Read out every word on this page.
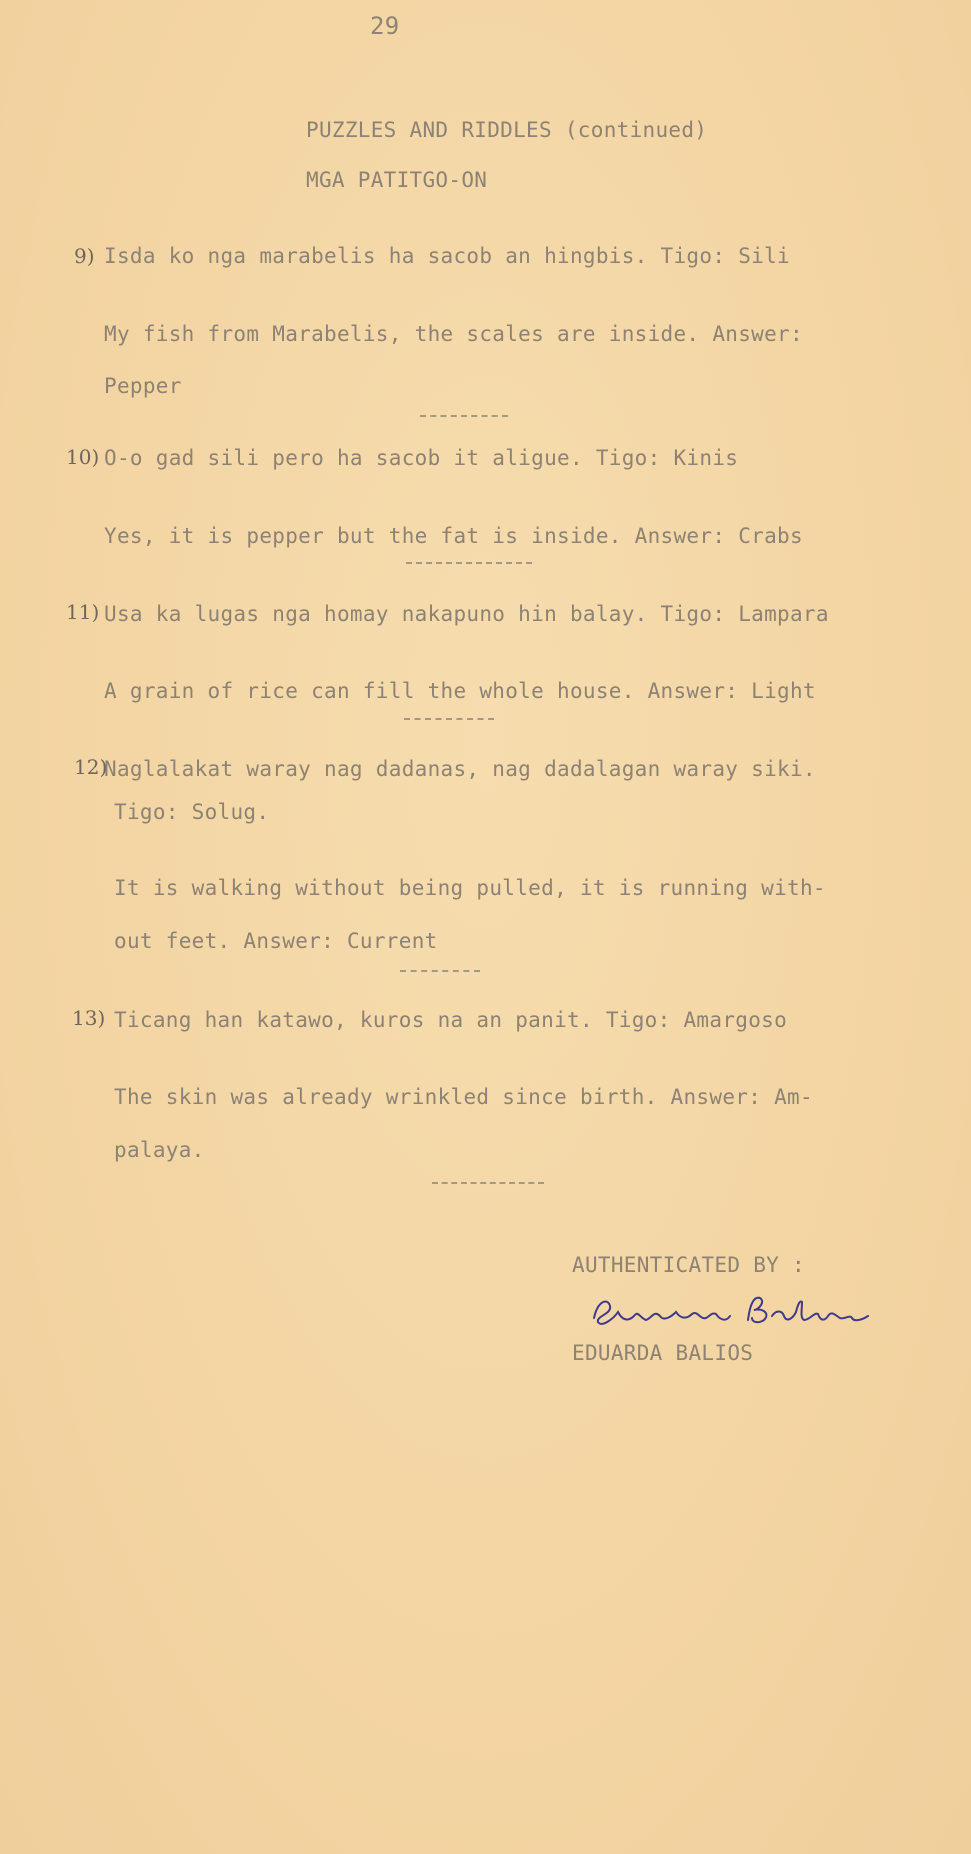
29
PUZZLES AND RIDDLES (continued)
MGA PATITGO-ON
9) Isda ko nga marabelis ha sacob an hingbis. Tigo: Sili
My fish from Marabelis, the scales are inside. Answer:
Pepper
10) O-o gad sili pero ha sacob it aligue. Tigo: Kinis
Yes, it is pepper but the fat is inside. Answer: Crabs
11) Usa ka lugas nga homay nakapuno hin balay. Tigo: Lampara
A grain of rice can fill the whole house. Answer: Light
12)
Naglalakat waray nag dadanas, nag dadalagan waray siki.
Tigo: Solug.
It is walking without being pulled, it is running with-
out feet. Answer: Current
13) Ticang han katawo, kuros na an panit. Tigo: Amargoso
The skin was already wrinkled since birth. Answer: Am-
palaya.
AUTHENTICATED BY :
EDUARDA BALIOS
